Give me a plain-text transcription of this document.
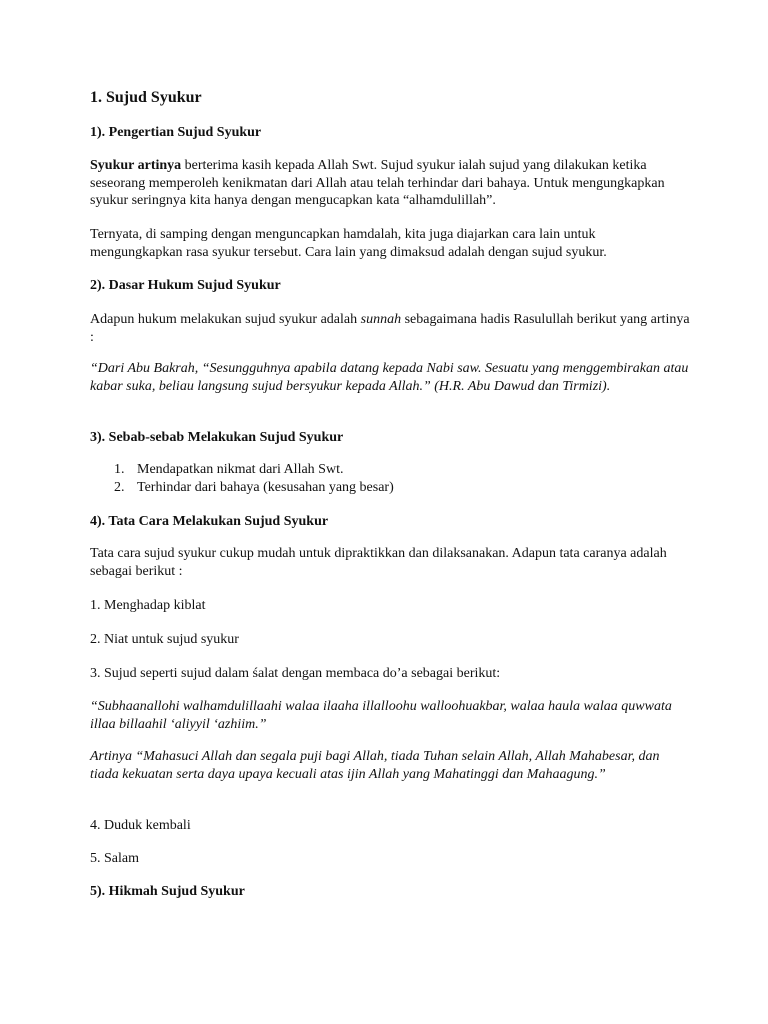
1. Sujud Syukur
1). Pengertian Sujud Syukur

Syukur artinya berterima kasih kepada Allah Swt. Sujud syukur ialah sujud yang dilakukan ketika seseorang memperoleh kenikmatan dari Allah atau telah terhindar dari bahaya. Untuk mengungkapkan syukur seringnya kita hanya dengan mengucapkan kata “alhamdulillah”.

Ternyata, di samping dengan menguncapkan hamdalah, kita juga diajarkan cara lain untuk mengungkapkan rasa syukur tersebut. Cara lain yang dimaksud adalah dengan sujud syukur.

2). Dasar Hukum Sujud Syukur

Adapun hukum melakukan sujud syukur adalah sunnah sebagaimana hadis Rasulullah berikut yang artinya :

“Dari Abu Bakrah, “Sesungguhnya apabila datang kepada Nabi saw. Sesuatu yang menggembirakan atau kabar suka, beliau langsung sujud bersyukur kepada Allah.” (H.R. Abu Dawud dan Tirmizi).

3). Sebab-sebab Melakukan Sujud Syukur
1. Mendapatkan nikmat dari Allah Swt.
2. Terhindar dari bahaya (kesusahan yang besar)
4). Tata Cara Melakukan Sujud Syukur

Tata cara sujud syukur cukup mudah untuk dipraktikkan dan dilaksanakan. Adapun tata caranya adalah sebagai berikut :

1. Menghadap kiblat

2. Niat untuk sujud syukur

3. Sujud seperti sujud dalam śalat dengan membaca do’a sebagai berikut:

“Subhaanallohi walhamdulillaahi walaa ilaaha illalloohu walloohuakbar, walaa haula walaa quwwata illaa billaahil ‘aliyyil ‘azhiim.”

Artinya “Mahasuci Allah dan segala puji bagi Allah, tiada Tuhan selain Allah, Allah Mahabesar, dan tiada kekuatan serta daya upaya kecuali atas ijin Allah yang Mahatinggi dan Mahaagung.”

4. Duduk kembali

5. Salam

5). Hikmah Sujud Syukur
